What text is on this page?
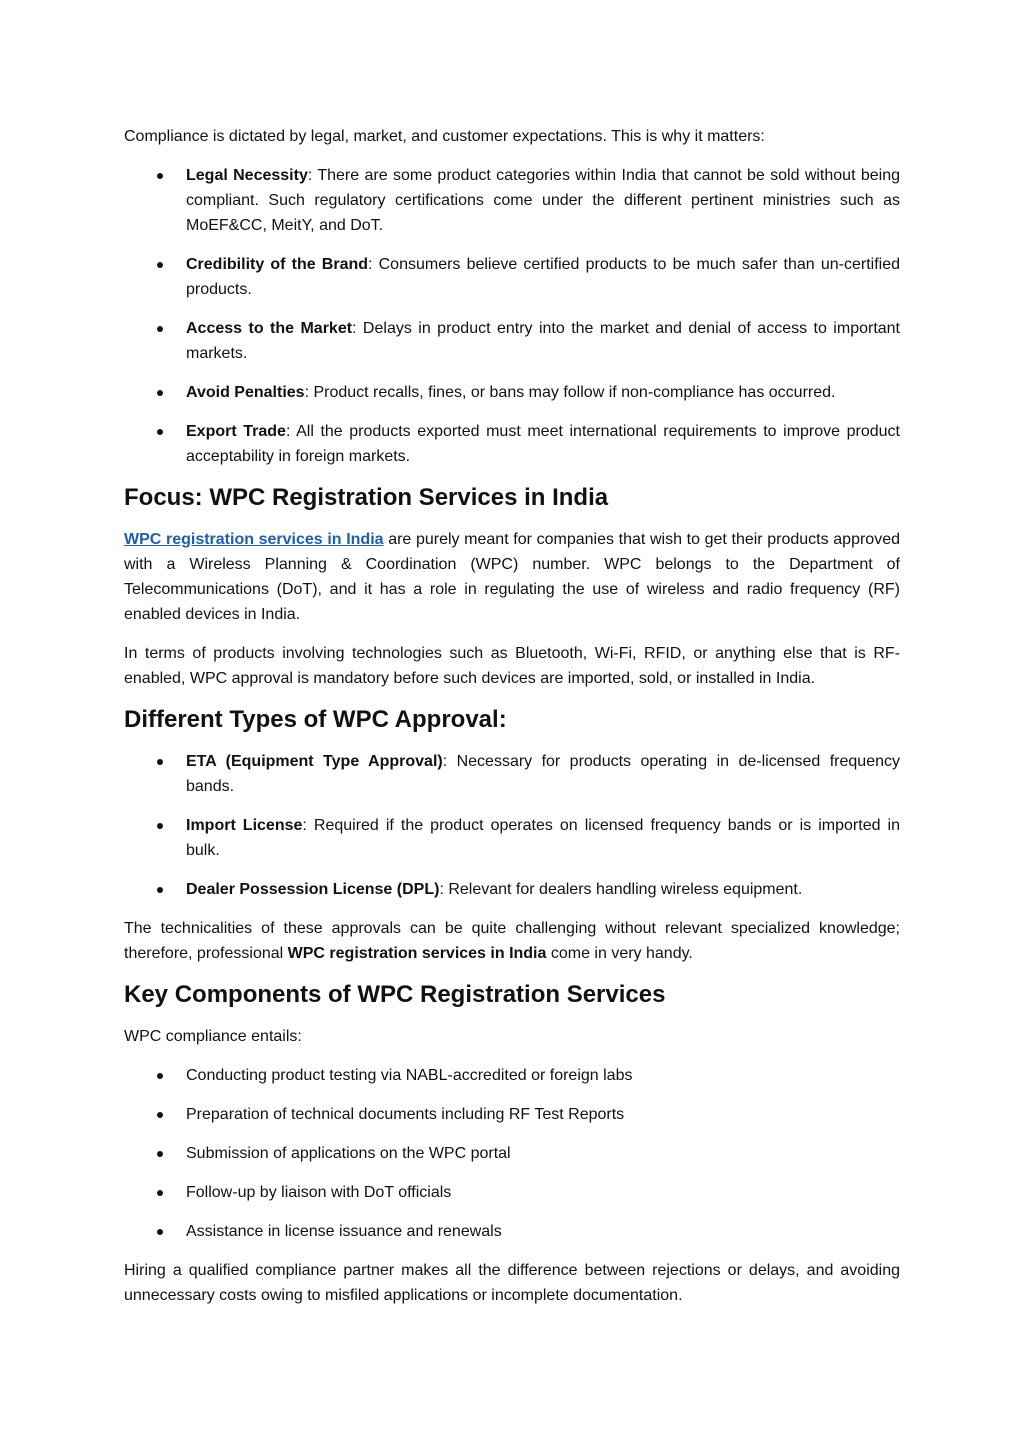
Compliance is dictated by legal, market, and customer expectations. This is why it matters:

Legal Necessity: There are some product categories within India that cannot be sold without being compliant. Such regulatory certifications come under the different pertinent ministries such as MoEF&CC, MeitY, and DoT.
Credibility of the Brand: Consumers believe certified products to be much safer than un-certified products.
Access to the Market: Delays in product entry into the market and denial of access to important markets.
Avoid Penalties: Product recalls, fines, or bans may follow if non-compliance has occurred.
Export Trade: All the products exported must meet international requirements to improve product acceptability in foreign markets.
Focus: WPC Registration Services in India

WPC registration services in India are purely meant for companies that wish to get their products approved with a Wireless Planning & Coordination (WPC) number. WPC belongs to the Department of Telecommunications (DoT), and it has a role in regulating the use of wireless and radio frequency (RF) enabled devices in India.

In terms of products involving technologies such as Bluetooth, Wi-Fi, RFID, or anything else that is RF-enabled, WPC approval is mandatory before such devices are imported, sold, or installed in India.

Different Types of WPC Approval:
ETA (Equipment Type Approval): Necessary for products operating in de-licensed frequency bands.
Import License: Required if the product operates on licensed frequency bands or is imported in bulk.
Dealer Possession License (DPL): Relevant for dealers handling wireless equipment.

The technicalities of these approvals can be quite challenging without relevant specialized knowledge; therefore, professional WPC registration services in India come in very handy.

Key Components of WPC Registration Services

WPC compliance entails:

Conducting product testing via NABL-accredited or foreign labs
Preparation of technical documents including RF Test Reports
Submission of applications on the WPC portal
Follow-up by liaison with DoT officials
Assistance in license issuance and renewals

Hiring a qualified compliance partner makes all the difference between rejections or delays, and avoiding unnecessary costs owing to misfiled applications or incomplete documentation.
